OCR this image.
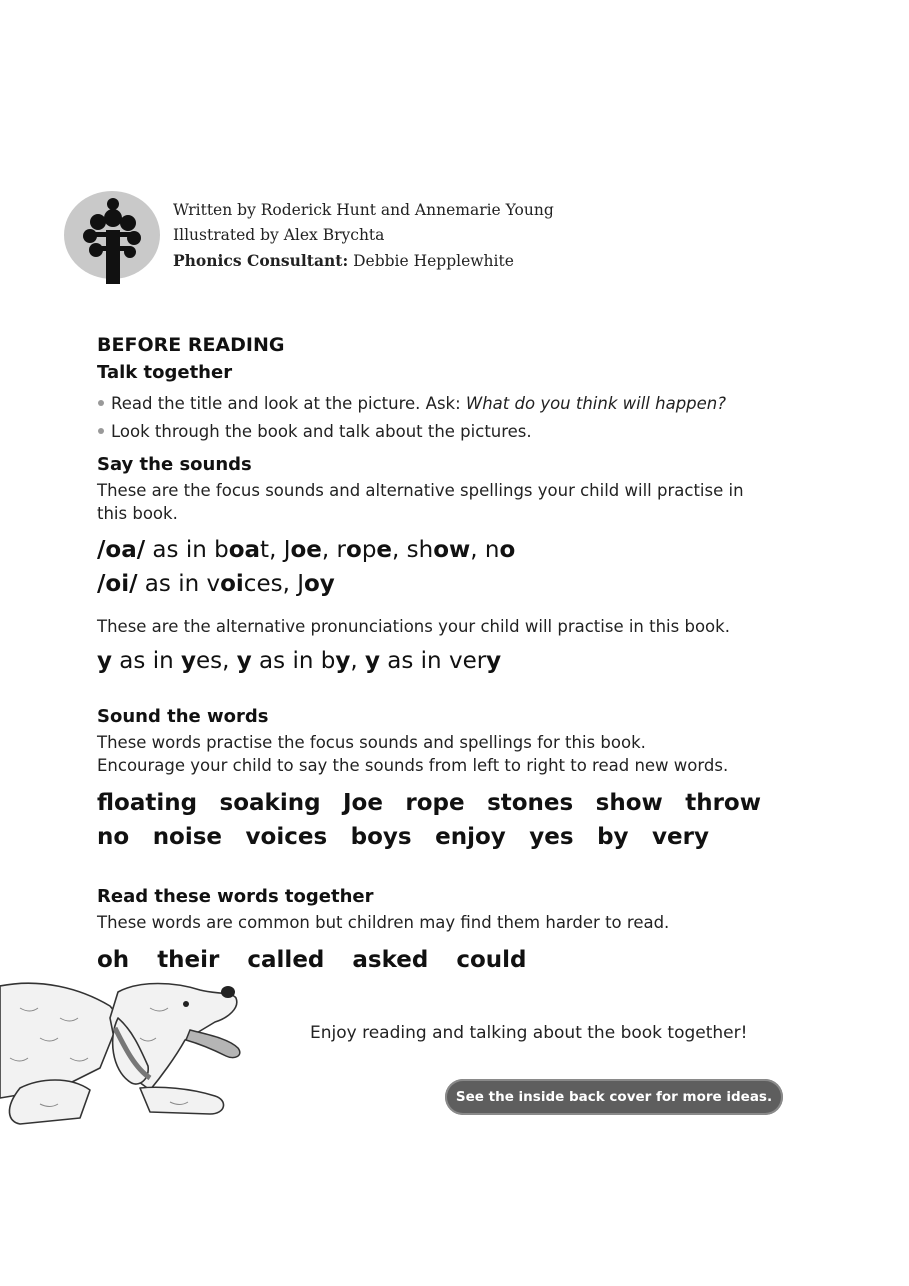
Written by Roderick Hunt and Annemarie Young
Illustrated by Alex Brychta
Phonics Consultant: Debbie Hepplewhite
BEFORE READING
Talk together
Read the title and look at the picture. Ask: What do you think will happen?
Look through the book and talk about the pictures.
Say the sounds
These are the focus sounds and alternative spellings your child will practise in this book.
/oa/ as in boat, Joe, rope, show, no
/oi/ as in voices, Joy
These are the alternative pronunciations your child will practise in this book.
y as in yes, y as in by, y as in very
Sound the words
These words practise the focus sounds and spellings for this book.
Encourage your child to say the sounds from left to right to read new words.
floating soaking Joe rope stones show throw
no noise voices boys enjoy yes by very
Read these words together
These words are common but children may find them harder to read.
oh their called asked could
Enjoy reading and talking about the book together!
See the inside back cover for more ideas.
